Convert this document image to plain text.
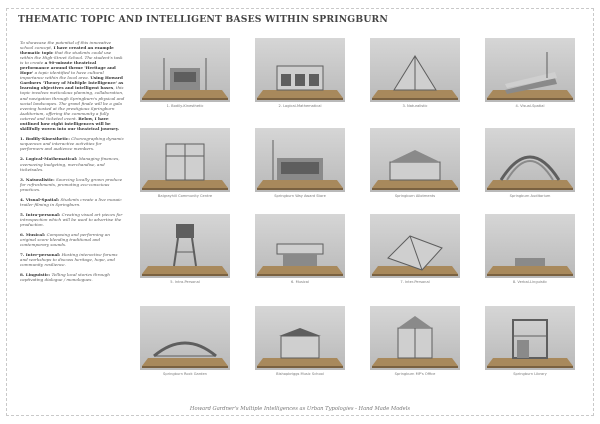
THEMATIC TOPIC AND INTELLIGENT BASES WITHIN SPRINGBURN

To showcase the potential of this innovative school concept, I have created an example thematic topic that the students could use within the High-Street School. The student's task is to create a 90-minute theatrical performance around theme 'Heritage and Hope' a topic identified to have cultural importance within the local area. Using Howard Gardners 'Theory of Multiple Intelligence' as learning objectives and intelligent bases, this topic involves meticulous planning, collaboration, and navigation through Springburn's physical and social landscapes. The grand finale will be a gala evening hosted at the prestigious Springburn Auditorium, offering the community a fully catered and ticketed event. Below, I have outlined how eight intelligences will be skillfully woven into our theatrical journey.

1. Bodily-Kinesthetic: Choreographing dynamic sequences and interactive activities for performers and audience members.
2. Logical-Mathematical: Managing finances, overseeing budgeting, merchandise, and ticketsales.
3. Naturalistic: Sourcing locally grown produce for refreshments, promoting eco-conscious practices.
4. Visual-Spatial: Students create a live mosaic trailer filming in Springburn.
5. Intra-personal: Creating visual art pieces for introspection which will be used to advertise the production.
6. Musical: Composing and performing an original score blending traditional and contemporary sounds.
7. Inter-personal: Hosting interactive forums and workshops to discuss heritage, hope, and community resilience.
8. Linguistic: Telling local stories through captivating dialogue / monologues.
1. Bodily-Kinesthetic	2. Logical-Mathematical	3. Naturalistic	4. Visual-Spatial
Balgrayhill Community Centre	Springburn Way Award Store	Springburn Allotments	Springburn Auditorium
5. Intra-Personal	6. Musical	7. Inter-Personal	8. Verbal-Linguistic
Springburn Rock Garden	Bishopbriggs Music School	Springburn MP's Office	Springburn Library
Howard Gardner's Multiple Intelligences as Urban Typologies - Hand Made Models
